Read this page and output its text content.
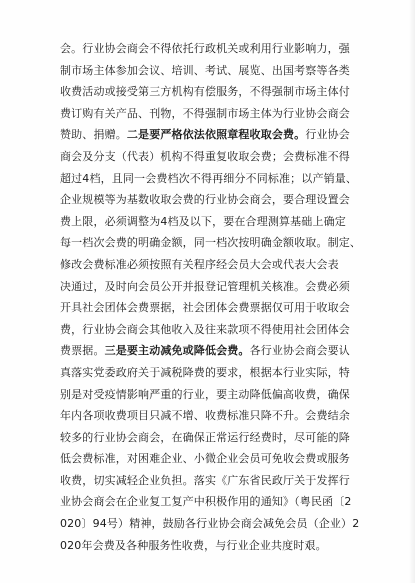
会。行业协会商会不得依托行政机关或利用行业影响力，强
制市场主体参加会议、培训、考试、展览、出国考察等各类
收费活动或接受第三方机构有偿服务，不得强制市场主体付
费订购有关产品、刊物，不得强制市场主体为行业协会商会
赞助、捐赠。二是要严格依法依照章程收取会费。行业协会
商会及分支（代表）机构不得重复收取会费；会费标准不得
超过4档，且同一会费档次不得再细分不同标准；以产销量、
企业规模等为基数收取会费的行业协会商会，要合理设置会
费上限，必须调整为4档及以下，要在合理测算基础上确定
每一档次会费的明确金额，同一档次按明确金额收取。制定、
修改会费标准必须按照有关程序经会员大会或代表大会表
决通过，及时向会员公开并报登记管理机关核准。会费必须
开具社会团体会费票据，社会团体会费票据仅可用于收取会
费，行业协会商会其他收入及往来款项不得使用社会团体会
费票据。三是要主动减免或降低会费。各行业协会商会要认
真落实党委政府关于减税降费的要求，根据本行业实际，特
别是对受疫情影响严重的行业，要主动降低偏高收费，确保
年内各项收费项目只减不增、收费标准只降不升。会费结余
较多的行业协会商会，在确保正常运行经费时，尽可能的降
低会费标准，对困难企业、小微企业会员可免收会费或服务
收费，切实减轻企业负担。落实《广东省民政厅关于发挥行
业协会商会在企业复工复产中积极作用的通知》（粤民函〔2
020〕94号）精神，鼓励各行业协会商会减免会员（企业）2
020年会费及各种服务性收费，与行业企业共度时艰。
